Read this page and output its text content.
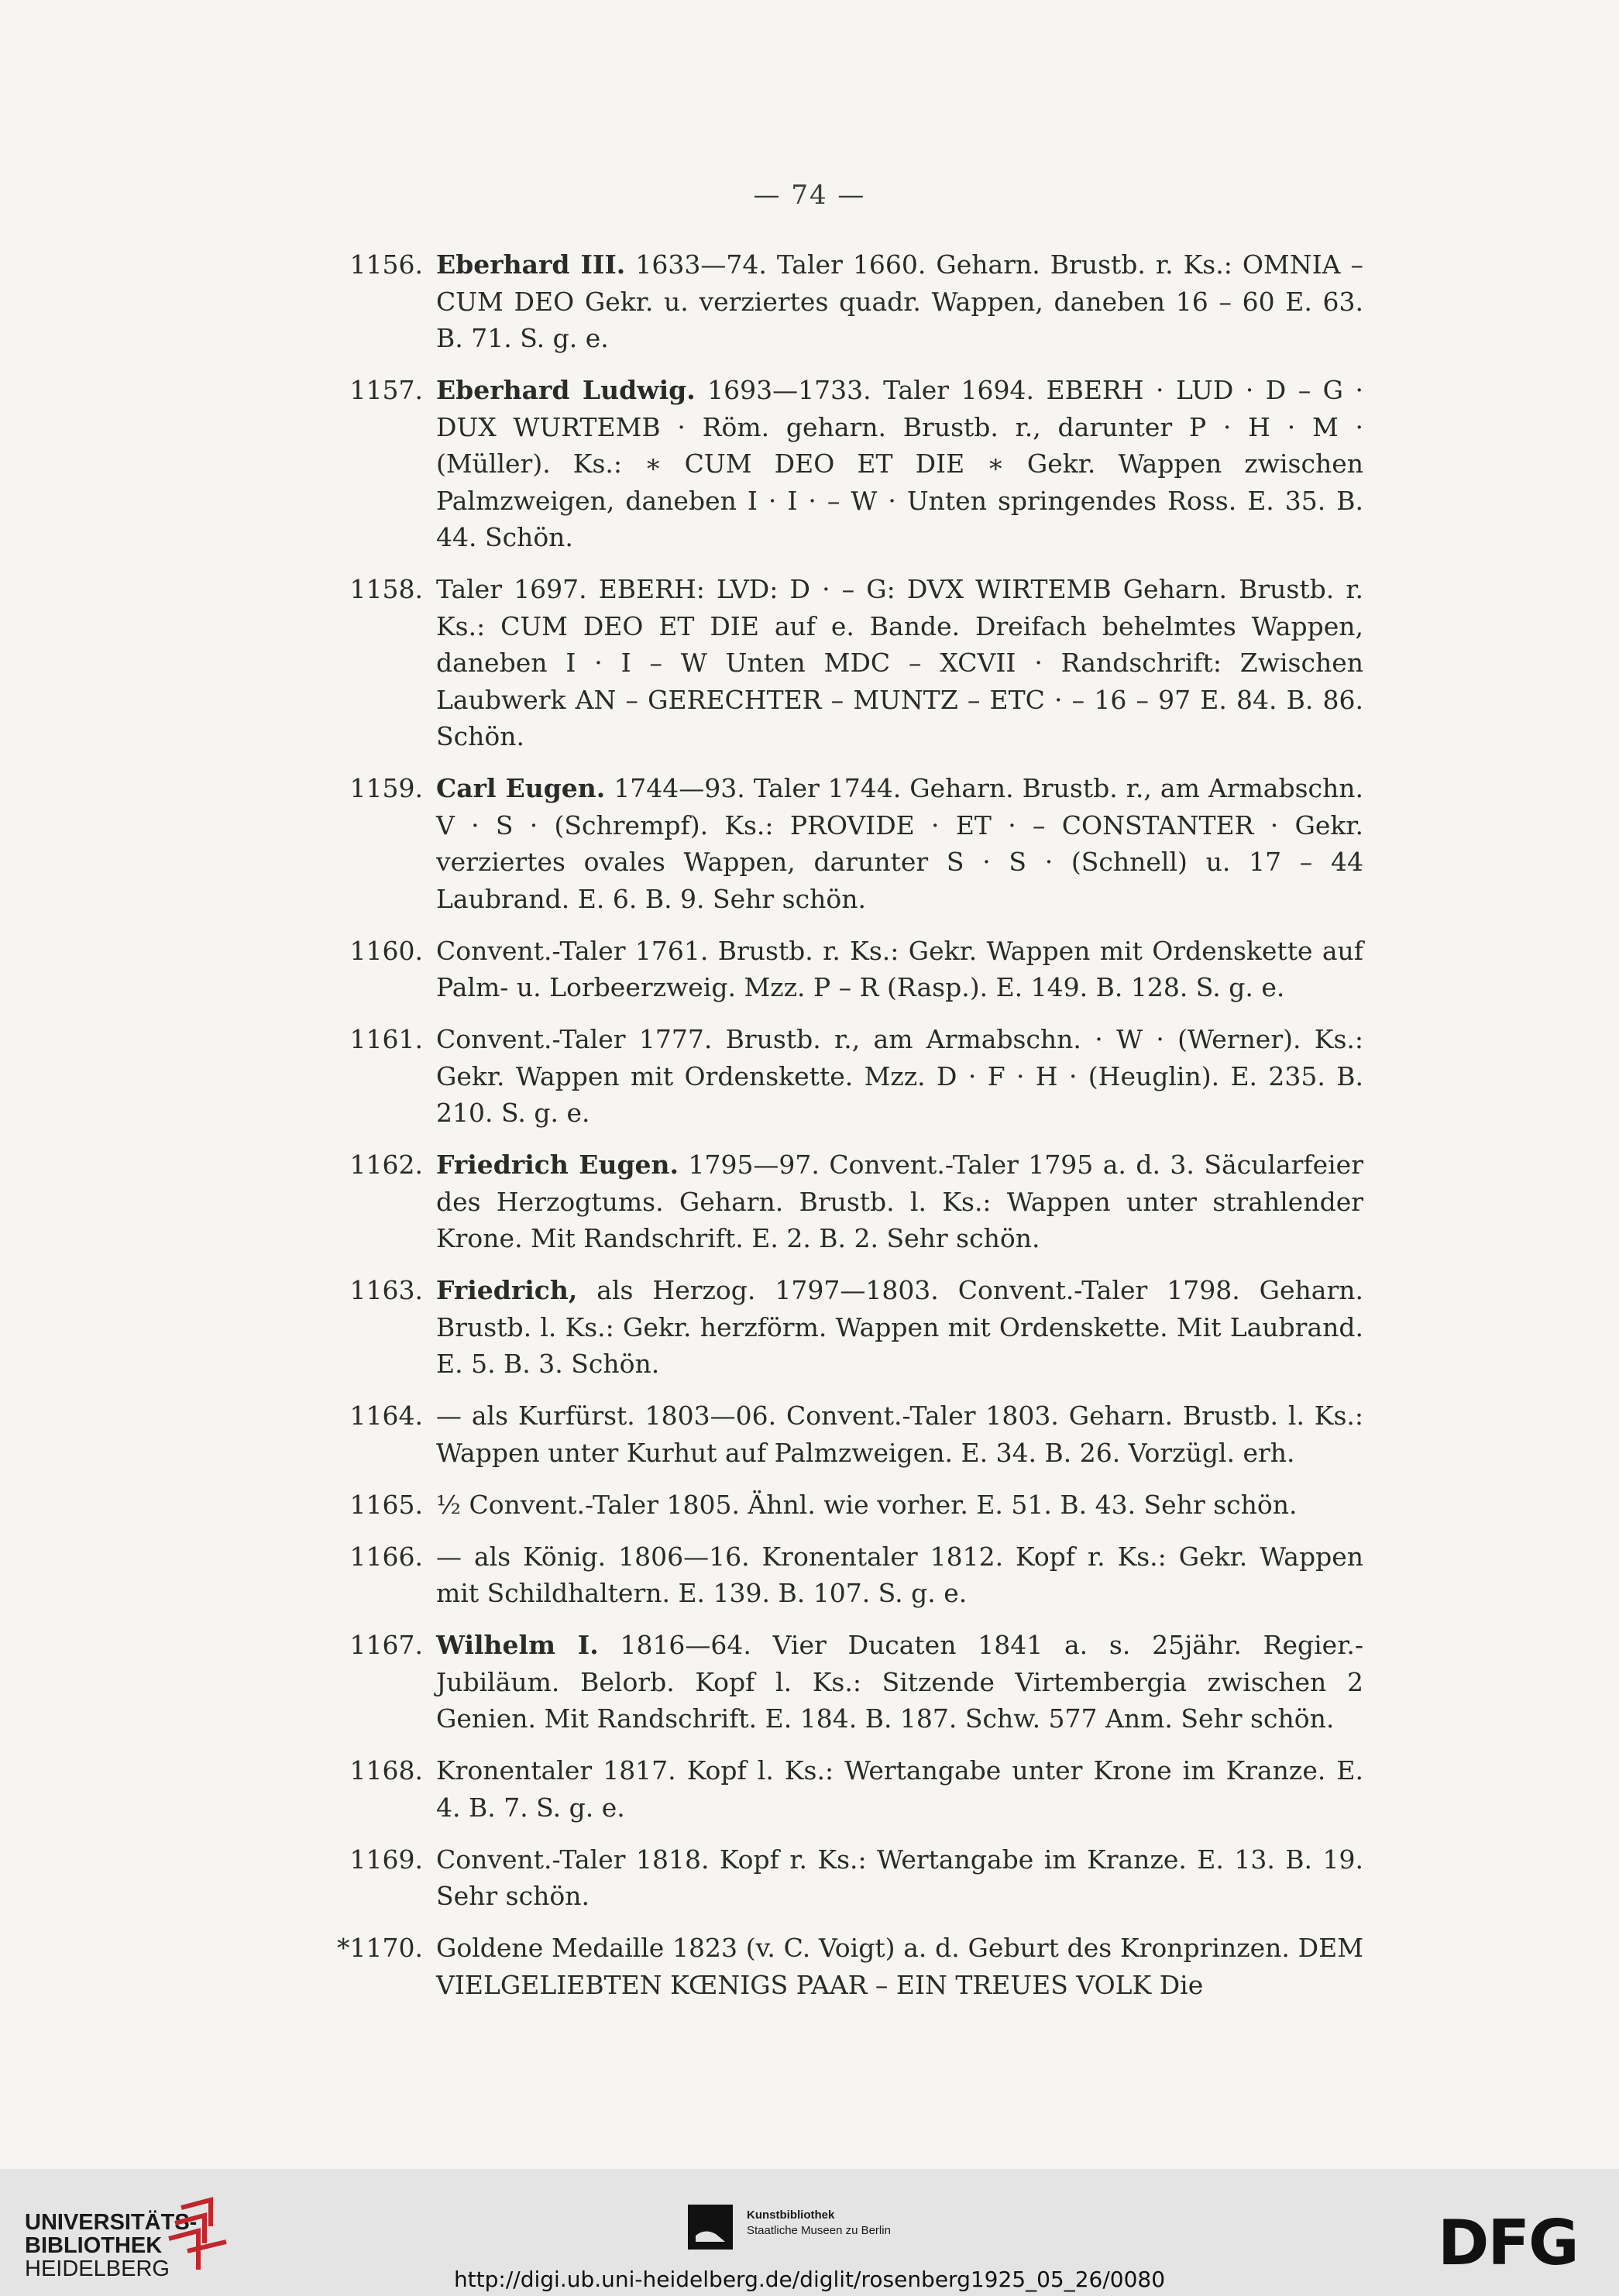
— 74 —
1156. Eberhard III. 1633—74. Taler 1660. Geharn. Brustb. r. Ks.: OMNIA – CUM DEO Gekr. u. verziertes quadr. Wappen, daneben 16 – 60 E. 63. B. 71. S. g. e.
1157. Eberhard Ludwig. 1693—1733. Taler 1694. EBERH · LUD · D – G · DUX WURTEMB · Röm. geharn. Brustb. r., darunter P · H · M · (Müller). Ks.: ∗ CUM DEO ET DIE ∗ Gekr. Wappen zwischen Palmzweigen, daneben I · I · – W · Unten springendes Ross. E. 35. B. 44. Schön.
1158. Taler 1697. EBERH: LVD: D · – G: DVX WIRTEMB Geharn. Brustb. r. Ks.: CUM DEO ET DIE auf e. Bande. Dreifach behelmtes Wappen, daneben I · I – W Unten MDC – XCVII · Randschrift: Zwischen Laubwerk AN – GERECHTER – MUNTZ – ETC · – 16 – 97 E. 84. B. 86. Schön.
1159. Carl Eugen. 1744—93. Taler 1744. Geharn. Brustb. r., am Armabschn. V · S · (Schrempf). Ks.: PROVIDE · ET · – CONSTANTER · Gekr. verziertes ovales Wappen, darunter S · S · (Schnell) u. 17 – 44 Laubrand. E. 6. B. 9. Sehr schön.
1160. Convent.-Taler 1761. Brustb. r. Ks.: Gekr. Wappen mit Ordenskette auf Palm- u. Lorbeerzweig. Mzz. P – R (Rasp.). E. 149. B. 128. S. g. e.
1161. Convent.-Taler 1777. Brustb. r., am Armabschn. · W · (Werner). Ks.: Gekr. Wappen mit Ordenskette. Mzz. D · F · H · (Heuglin). E. 235. B. 210. S. g. e.
1162. Friedrich Eugen. 1795—97. Convent.-Taler 1795 a. d. 3. Säcularfeier des Herzogtums. Geharn. Brustb. l. Ks.: Wappen unter strahlender Krone. Mit Randschrift. E. 2. B. 2. Sehr schön.
1163. Friedrich, als Herzog. 1797—1803. Convent.-Taler 1798. Geharn. Brustb. l. Ks.: Gekr. herzförm. Wappen mit Ordenskette. Mit Laubrand. E. 5. B. 3. Schön.
1164. — als Kurfürst. 1803—06. Convent.-Taler 1803. Geharn. Brustb. l. Ks.: Wappen unter Kurhut auf Palmzweigen. E. 34. B. 26. Vorzügl. erh.
1165. ½ Convent.-Taler 1805. Ähnl. wie vorher. E. 51. B. 43. Sehr schön.
1166. — als König. 1806—16. Kronentaler 1812. Kopf r. Ks.: Gekr. Wappen mit Schildhaltern. E. 139. B. 107. S. g. e.
1167. Wilhelm I. 1816—64. Vier Ducaten 1841 a. s. 25jähr. Regier.-Jubiläum. Belorb. Kopf l. Ks.: Sitzende Virtembergia zwischen 2 Genien. Mit Randschrift. E. 184. B. 187. Schw. 577 Anm. Sehr schön.
1168. Kronentaler 1817. Kopf l. Ks.: Wertangabe unter Krone im Kranze. E. 4. B. 7. S. g. e.
1169. Convent.-Taler 1818. Kopf r. Ks.: Wertangabe im Kranze. E. 13. B. 19. Sehr schön.
*1170. Goldene Medaille 1823 (v. C. Voigt) a. d. Geburt des Kronprinzen. DEM VIELGELIEBTEN KŒNIGS PAAR – EIN TREUES VOLK Die
UNIVERSITÄTS-
BIBLIOTHEK
HEIDELBERG
Kunstbibliothek
Staatliche Museen zu Berlin	DFG
http://digi.ub.uni-heidelberg.de/diglit/rosenberg1925_05_26/0080
